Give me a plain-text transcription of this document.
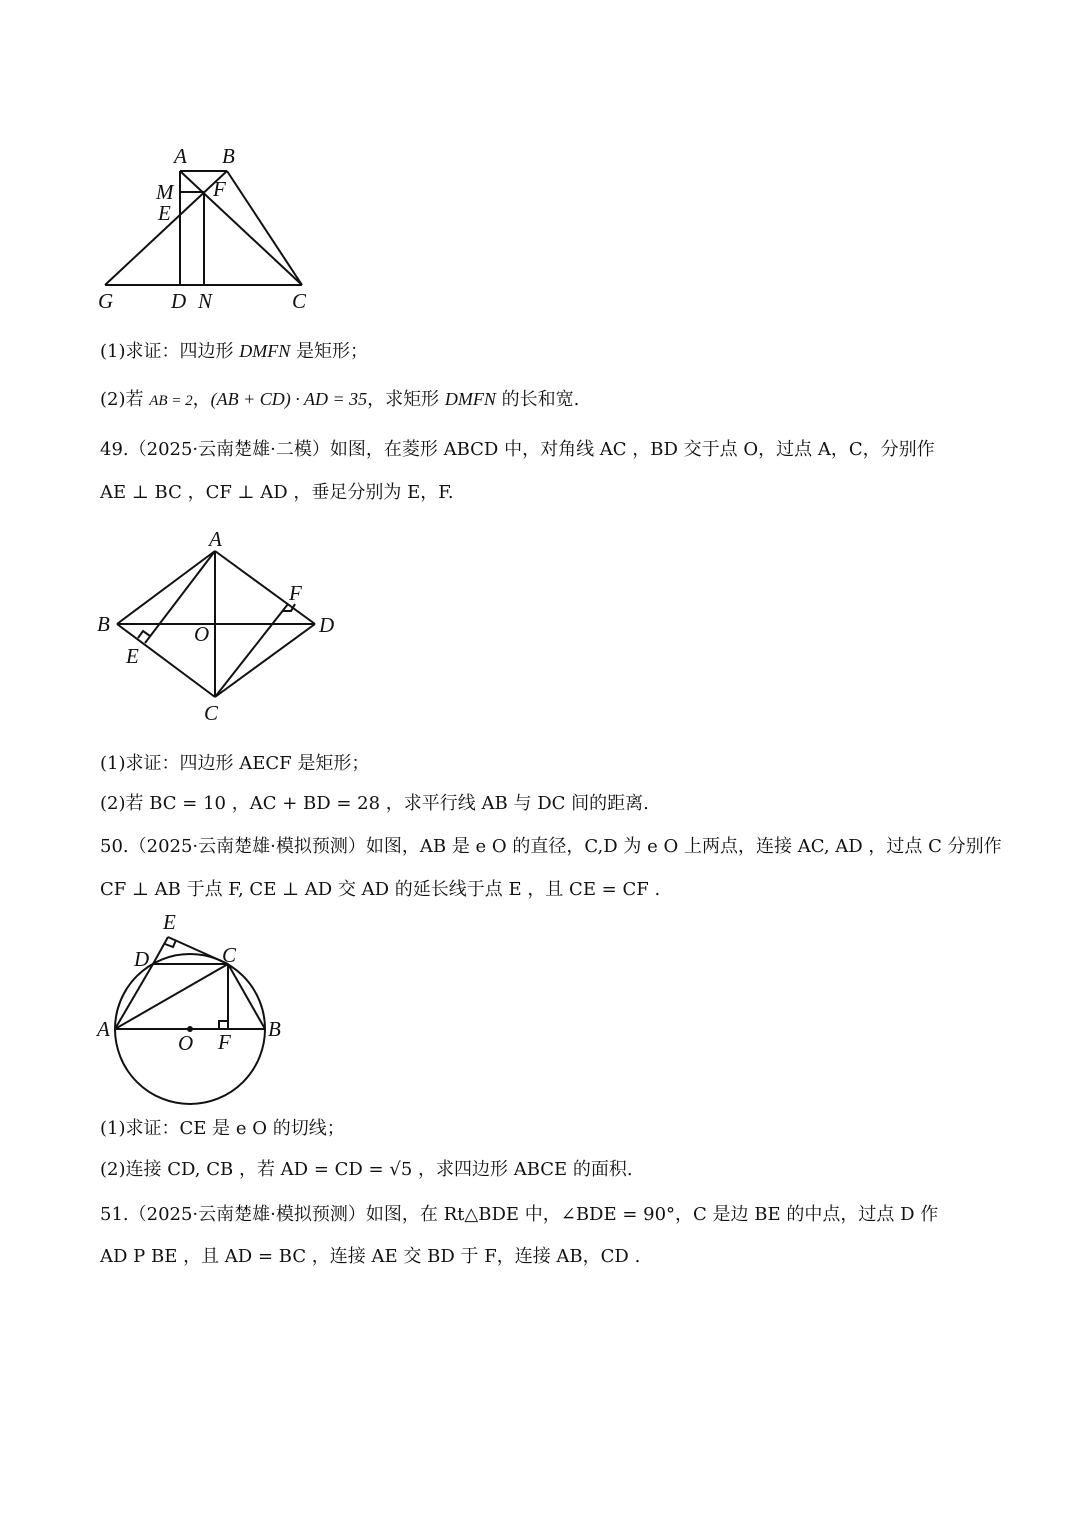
A B
M F
E
G	D N	C
(1)求证：四边形 DMFN 是矩形；
(2)若 AB = 2，(AB + CD) · AD = 35，求矩形 DMFN 的长和宽.
49.（2025·云南楚雄·二模）如图，在菱形 ABCD 中，对角线 AC ，BD 交于点 O，过点 A，C，分别作
AE ⊥ BC ，CF ⊥ AD ，垂足分别为 E，F.
A
B	D
C
E
F
O
(1)求证：四边形 AECF 是矩形；
(2)若 BC = 10 ，AC + BD = 28 ，求平行线 AB 与 DC 间的距离.
50.（2025·云南楚雄·模拟预测）如图，AB 是 e O 的直径，C,D 为 e O 上两点，连接 AC, AD ，过点 C 分别作
CF ⊥ AB 于点 F, CE ⊥ AD 交 AD 的延长线于点 E ，且 CE = CF .
A	B
C
D
E
F
O
(1)求证：CE 是 e O 的切线；
(2)连接 CD, CB ，若 AD = CD = √5 ，求四边形 ABCE 的面积.
51.（2025·云南楚雄·模拟预测）如图，在 Rt△BDE 中，∠BDE = 90°，C 是边 BE 的中点，过点 D 作
AD P BE ，且 AD = BC ，连接 AE 交 BD 于 F，连接 AB，CD .
